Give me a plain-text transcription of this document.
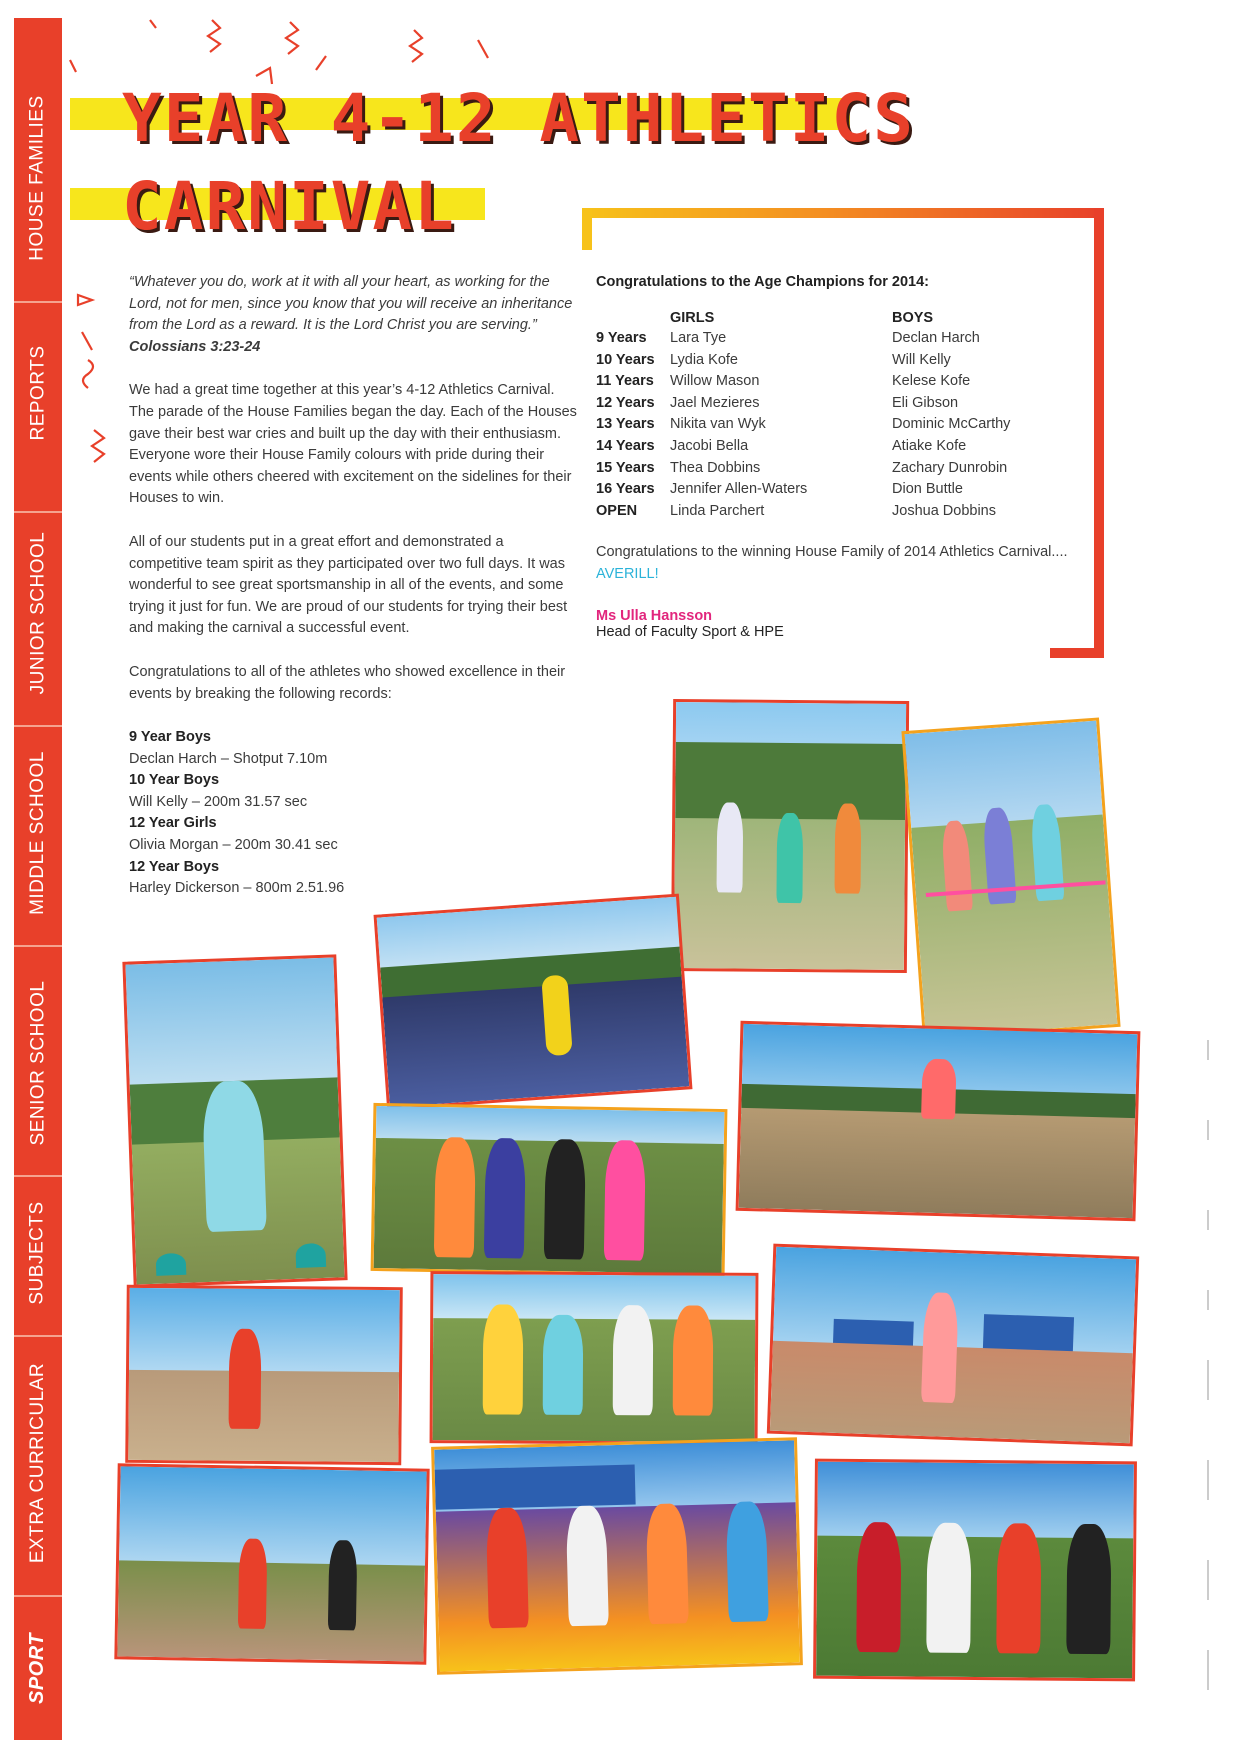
HOUSE FAMILIES
REPORTS
JUNIOR SCHOOL
MIDDLE SCHOOL
SENIOR SCHOOL
SUBJECTS
EXTRA CURRICULAR
SPORT
YEAR 4-12 ATHLETICS
CARNIVAL

“Whatever you do, work at it with all your heart, as working for the Lord, not for men, since you know that you will receive an inheritance from the Lord as a reward. It is the Lord Christ you are serving.” Colossians 3:23-24

We had a great time together at this year’s 4-12 Athletics Carnival. The parade of the House Families began the day. Each of the Houses gave their best war cries and built up the day with their enthusiasm. Everyone wore their House Family colours with pride during their events while others cheered with excitement on the sidelines for their Houses to win.

All of our students put in a great effort and demonstrated a competitive team spirit as they participated over two full days. It was wonderful to see great sportsmanship in all of the events, and some trying it just for fun. We are proud of our students for trying their best and making the carnival a successful event.

Congratulations to all of the athletes who showed excellence in their events by breaking the following records:

9 Year Boys
Declan Harch – Shotput 7.10m
10 Year Boys
Will Kelly – 200m 31.57 sec
12 Year Girls
Olivia Morgan – 200m 30.41 sec
12 Year Boys
Harley Dickerson – 800m 2.51.96
Congratulations to the Age Champions for 2014:
	GIRLS	BOYS
9 Years	Lara Tye	Declan Harch
10 Years	Lydia Kofe	Will Kelly
11 Years	Willow Mason	Kelese Kofe
12 Years	Jael Mezieres	Eli Gibson
13 Years	Nikita van Wyk	Dominic McCarthy
14 Years	Jacobi Bella	Atiake Kofe
15 Years	Thea Dobbins	Zachary Dunrobin
16 Years	Jennifer Allen-Waters	Dion Buttle
OPEN	Linda Parchert	Joshua Dobbins
Congratulations to the winning House Family of 2014 Athletics Carnival.... AVERILL!
Ms Ulla Hansson
Head of Faculty Sport & HPE
